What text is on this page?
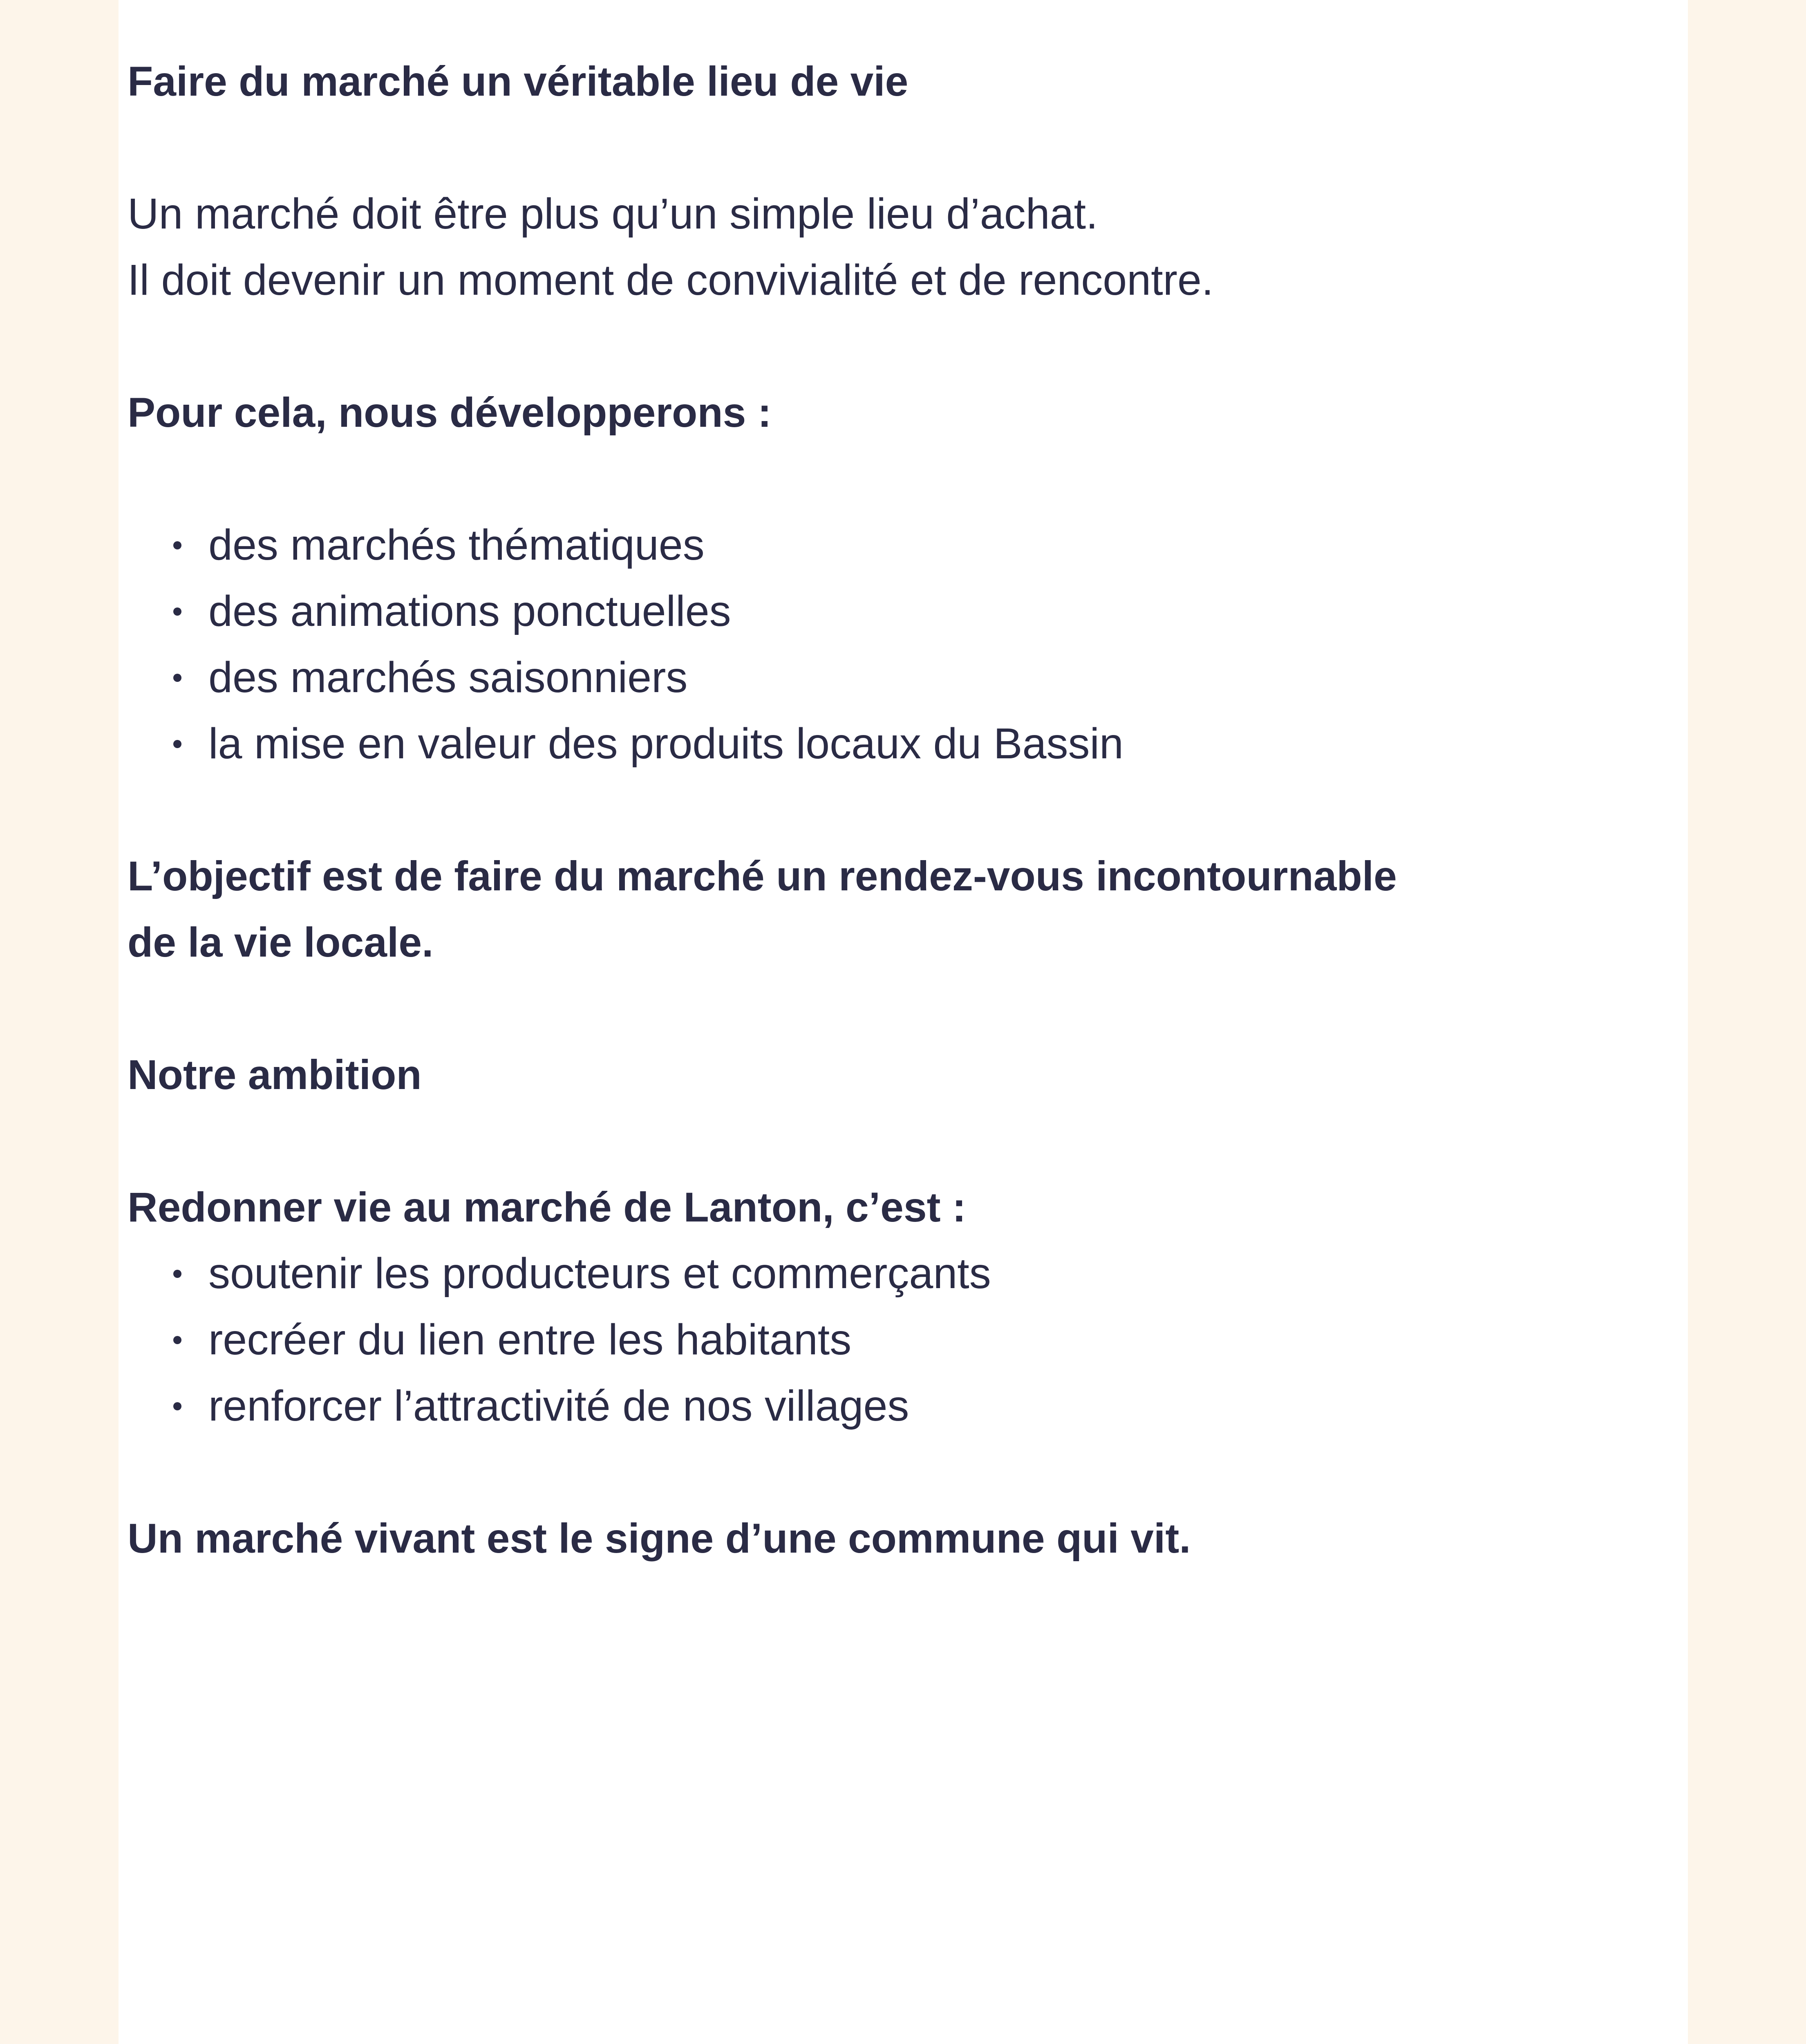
Faire du marché un véritable lieu de vie

Un marché doit être plus qu’un simple lieu d’achat.

Il doit devenir un moment de convivialité et de rencontre.

Pour cela, nous développerons :

des marchés thématiques
des animations ponctuelles
des marchés saisonniers
la mise en valeur des produits locaux du Bassin

L’objectif est de faire du marché un rendez-vous incontournable

de la vie locale.

Notre ambition

Redonner vie au marché de Lanton, c’est :

soutenir les producteurs et commerçants
recréer du lien entre les habitants
renforcer l’attractivité de nos villages

Un marché vivant est le signe d’une commune qui vit.
